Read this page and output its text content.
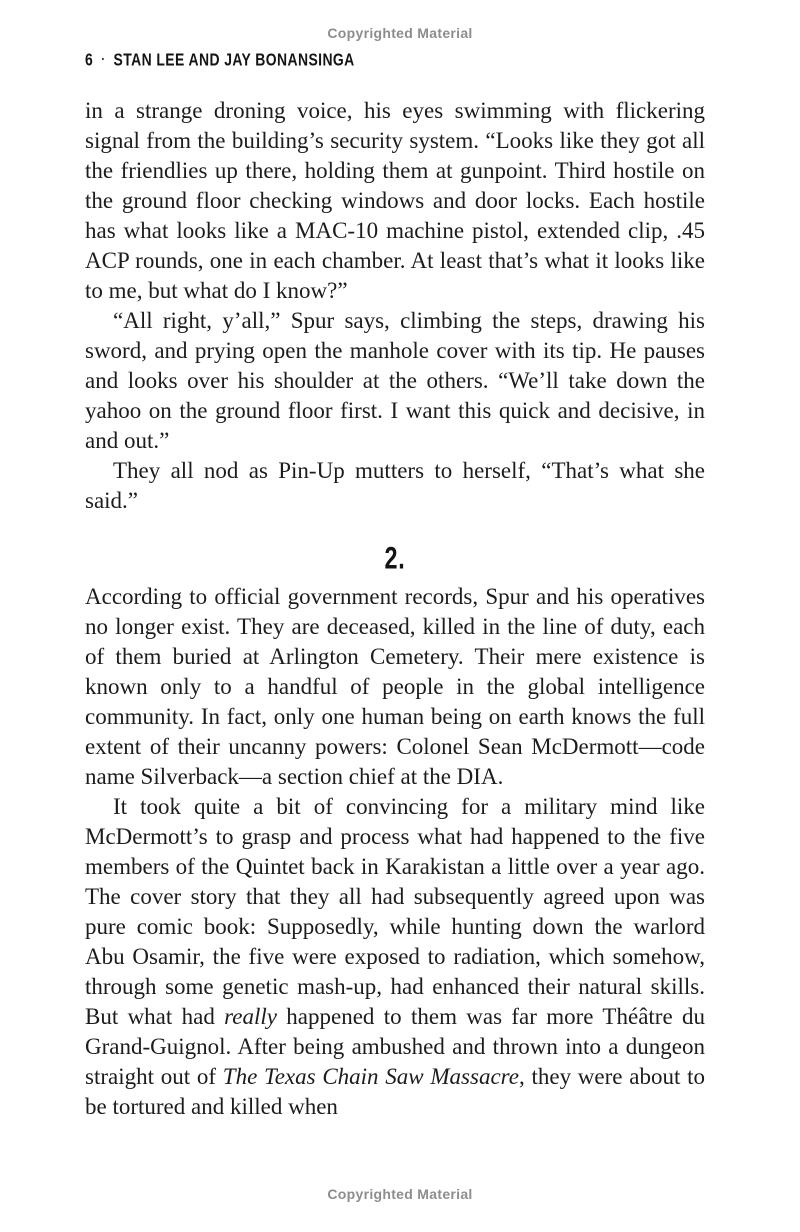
Copyrighted Material
6 · STAN LEE AND JAY BONANSINGA

in a strange droning voice, his eyes swimming with flickering signal from the building’s security system. “Looks like they got all the friendlies up there, holding them at gunpoint. Third hostile on the ground floor checking windows and door locks. Each hostile has what looks like a MAC-10 machine pistol, extended clip, .45 ACP rounds, one in each chamber. At least that’s what it looks like to me, but what do I know?”

“All right, y’all,” Spur says, climbing the steps, drawing his sword, and prying open the manhole cover with its tip. He pauses and looks over his shoulder at the others. “We’ll take down the yahoo on the ground floor first. I want this quick and decisive, in and out.”

They all nod as Pin-Up mutters to herself, “That’s what she said.”

2.

According to official government records, Spur and his operatives no longer exist. They are deceased, killed in the line of duty, each of them buried at Arlington Cemetery. Their mere existence is known only to a handful of people in the global intelligence community. In fact, only one human being on earth knows the full extent of their uncanny powers: Colonel Sean McDermott—code name Silverback—a section chief at the DIA.

It took quite a bit of convincing for a military mind like McDermott’s to grasp and process what had happened to the five members of the Quintet back in Karakistan a little over a year ago. The cover story that they all had subsequently agreed upon was pure comic book: Supposedly, while hunting down the warlord Abu Osamir, the five were exposed to radiation, which somehow, through some genetic mash-up, had enhanced their natural skills. But what had really happened to them was far more Théâtre du Grand-Guignol. After being ambushed and thrown into a dungeon straight out of The Texas Chain Saw Massacre, they were about to be tortured and killed when

Copyrighted Material
